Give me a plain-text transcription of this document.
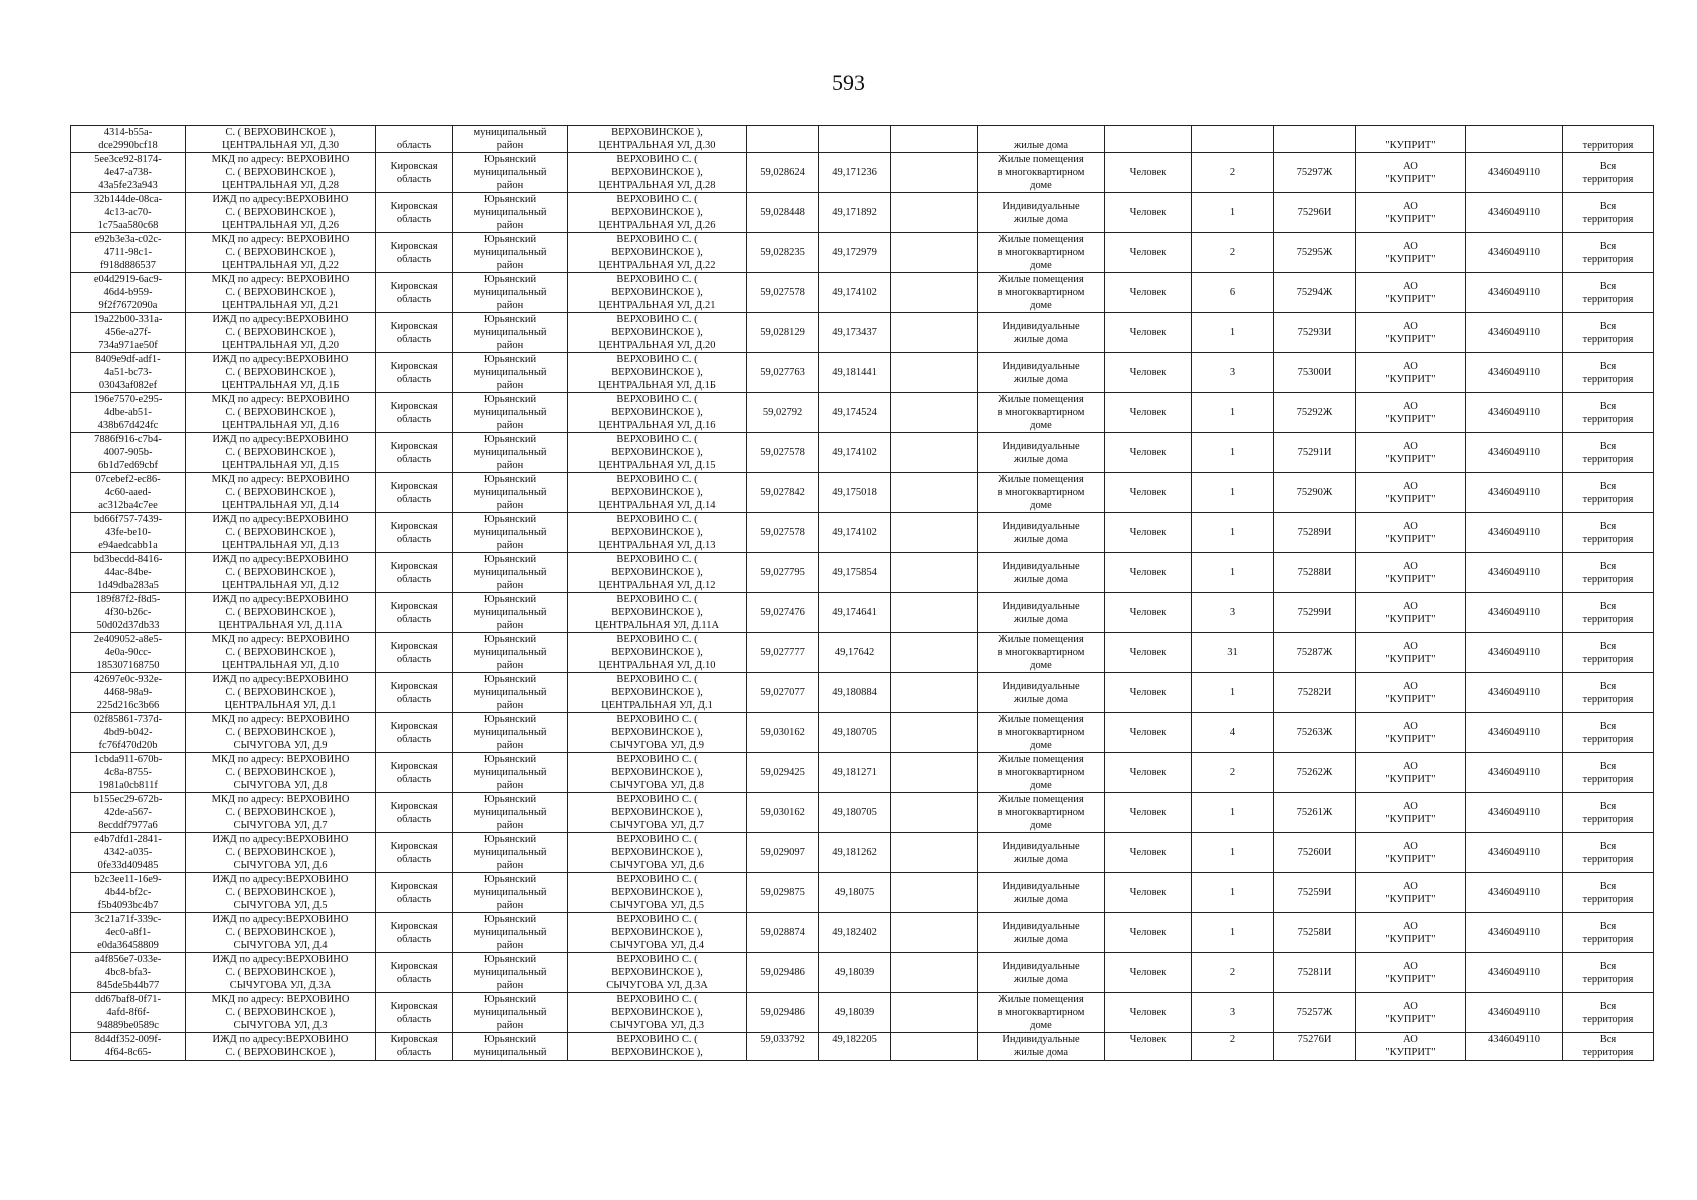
593
4314-b55a-
dce2990bcf18	С. ( ВЕРХОВИНСКОЕ ),
ЦЕНТРАЛЬНАЯ УЛ, Д.30	область	муниципальный
район	ВЕРХОВИНСКОЕ ),
ЦЕНТРАЛЬНАЯ УЛ, Д.30				жилые дома				"КУПРИТ"		территория
5ee3ce92-8174-
4e47-a738-
43a5fe23a943	МКД по адресу: ВЕРХОВИНО
С. ( ВЕРХОВИНСКОЕ ),
ЦЕНТРАЛЬНАЯ УЛ, Д.28	Кировская
область	Юрьянский
муниципальный
район	ВЕРХОВИНО С. (
ВЕРХОВИНСКОЕ ),
ЦЕНТРАЛЬНАЯ УЛ, Д.28	59,028624	49,171236		Жилые помещения
в многоквартирном
доме	Человек	2	75297Ж	АО
"КУПРИТ"	4346049110	Вся
территория
32b144de-08ca-
4c13-ac70-
1c75aa580c68	ИЖД по адресу:ВЕРХОВИНО
С. ( ВЕРХОВИНСКОЕ ),
ЦЕНТРАЛЬНАЯ УЛ, Д.26	Кировская
область	Юрьянский
муниципальный
район	ВЕРХОВИНО С. (
ВЕРХОВИНСКОЕ ),
ЦЕНТРАЛЬНАЯ УЛ, Д.26	59,028448	49,171892		Индивидуальные
жилые дома	Человек	1	75296И	АО
"КУПРИТ"	4346049110	Вся
территория
e92b3e3a-c02c-
4711-98c1-
f918d886537	МКД по адресу: ВЕРХОВИНО
С. ( ВЕРХОВИНСКОЕ ),
ЦЕНТРАЛЬНАЯ УЛ, Д.22	Кировская
область	Юрьянский
муниципальный
район	ВЕРХОВИНО С. (
ВЕРХОВИНСКОЕ ),
ЦЕНТРАЛЬНАЯ УЛ, Д.22	59,028235	49,172979		Жилые помещения
в многоквартирном
доме	Человек	2	75295Ж	АО
"КУПРИТ"	4346049110	Вся
территория
e04d2919-6ac9-
46d4-b959-
9f2f7672090a	МКД по адресу: ВЕРХОВИНО
С. ( ВЕРХОВИНСКОЕ ),
ЦЕНТРАЛЬНАЯ УЛ, Д.21	Кировская
область	Юрьянский
муниципальный
район	ВЕРХОВИНО С. (
ВЕРХОВИНСКОЕ ),
ЦЕНТРАЛЬНАЯ УЛ, Д.21	59,027578	49,174102		Жилые помещения
в многоквартирном
доме	Человек	6	75294Ж	АО
"КУПРИТ"	4346049110	Вся
территория
19a22b00-331a-
456e-a27f-
734a971ae50f	ИЖД по адресу:ВЕРХОВИНО
С. ( ВЕРХОВИНСКОЕ ),
ЦЕНТРАЛЬНАЯ УЛ, Д.20	Кировская
область	Юрьянский
муниципальный
район	ВЕРХОВИНО С. (
ВЕРХОВИНСКОЕ ),
ЦЕНТРАЛЬНАЯ УЛ, Д.20	59,028129	49,173437		Индивидуальные
жилые дома	Человек	1	75293И	АО
"КУПРИТ"	4346049110	Вся
территория
8409e9df-adf1-
4a51-bc73-
03043af082ef	ИЖД по адресу:ВЕРХОВИНО
С. ( ВЕРХОВИНСКОЕ ),
ЦЕНТРАЛЬНАЯ УЛ, Д.1Б	Кировская
область	Юрьянский
муниципальный
район	ВЕРХОВИНО С. (
ВЕРХОВИНСКОЕ ),
ЦЕНТРАЛЬНАЯ УЛ, Д.1Б	59,027763	49,181441		Индивидуальные
жилые дома	Человек	3	75300И	АО
"КУПРИТ"	4346049110	Вся
территория
196e7570-e295-
4dbe-ab51-
438b67d424fc	МКД по адресу: ВЕРХОВИНО
С. ( ВЕРХОВИНСКОЕ ),
ЦЕНТРАЛЬНАЯ УЛ, Д.16	Кировская
область	Юрьянский
муниципальный
район	ВЕРХОВИНО С. (
ВЕРХОВИНСКОЕ ),
ЦЕНТРАЛЬНАЯ УЛ, Д.16	59,02792	49,174524		Жилые помещения
в многоквартирном
доме	Человек	1	75292Ж	АО
"КУПРИТ"	4346049110	Вся
территория
7886f916-c7b4-
4007-905b-
6b1d7ed69cbf	ИЖД по адресу:ВЕРХОВИНО
С. ( ВЕРХОВИНСКОЕ ),
ЦЕНТРАЛЬНАЯ УЛ, Д.15	Кировская
область	Юрьянский
муниципальный
район	ВЕРХОВИНО С. (
ВЕРХОВИНСКОЕ ),
ЦЕНТРАЛЬНАЯ УЛ, Д.15	59,027578	49,174102		Индивидуальные
жилые дома	Человек	1	75291И	АО
"КУПРИТ"	4346049110	Вся
территория
07cebef2-ec86-
4c60-aaed-
ac312ba4c7ee	МКД по адресу: ВЕРХОВИНО
С. ( ВЕРХОВИНСКОЕ ),
ЦЕНТРАЛЬНАЯ УЛ, Д.14	Кировская
область	Юрьянский
муниципальный
район	ВЕРХОВИНО С. (
ВЕРХОВИНСКОЕ ),
ЦЕНТРАЛЬНАЯ УЛ, Д.14	59,027842	49,175018		Жилые помещения
в многоквартирном
доме	Человек	1	75290Ж	АО
"КУПРИТ"	4346049110	Вся
территория
bd66f757-7439-
43fe-be10-
e94aedcabb1a	ИЖД по адресу:ВЕРХОВИНО
С. ( ВЕРХОВИНСКОЕ ),
ЦЕНТРАЛЬНАЯ УЛ, Д.13	Кировская
область	Юрьянский
муниципальный
район	ВЕРХОВИНО С. (
ВЕРХОВИНСКОЕ ),
ЦЕНТРАЛЬНАЯ УЛ, Д.13	59,027578	49,174102		Индивидуальные
жилые дома	Человек	1	75289И	АО
"КУПРИТ"	4346049110	Вся
территория
bd3becdd-8416-
44ac-84be-
1d49dba283a5	ИЖД по адресу:ВЕРХОВИНО
С. ( ВЕРХОВИНСКОЕ ),
ЦЕНТРАЛЬНАЯ УЛ, Д.12	Кировская
область	Юрьянский
муниципальный
район	ВЕРХОВИНО С. (
ВЕРХОВИНСКОЕ ),
ЦЕНТРАЛЬНАЯ УЛ, Д.12	59,027795	49,175854		Индивидуальные
жилые дома	Человек	1	75288И	АО
"КУПРИТ"	4346049110	Вся
территория
189f87f2-f8d5-
4f30-b26c-
50d02d37db33	ИЖД по адресу:ВЕРХОВИНО
С. ( ВЕРХОВИНСКОЕ ),
ЦЕНТРАЛЬНАЯ УЛ, Д.11А	Кировская
область	Юрьянский
муниципальный
район	ВЕРХОВИНО С. (
ВЕРХОВИНСКОЕ ),
ЦЕНТРАЛЬНАЯ УЛ, Д.11А	59,027476	49,174641		Индивидуальные
жилые дома	Человек	3	75299И	АО
"КУПРИТ"	4346049110	Вся
территория
2e409052-a8e5-
4e0a-90cc-
185307168750	МКД по адресу: ВЕРХОВИНО
С. ( ВЕРХОВИНСКОЕ ),
ЦЕНТРАЛЬНАЯ УЛ, Д.10	Кировская
область	Юрьянский
муниципальный
район	ВЕРХОВИНО С. (
ВЕРХОВИНСКОЕ ),
ЦЕНТРАЛЬНАЯ УЛ, Д.10	59,027777	49,17642		Жилые помещения
в многоквартирном
доме	Человек	31	75287Ж	АО
"КУПРИТ"	4346049110	Вся
территория
42697e0c-932e-
4468-98a9-
225d216c3b66	ИЖД по адресу:ВЕРХОВИНО
С. ( ВЕРХОВИНСКОЕ ),
ЦЕНТРАЛЬНАЯ УЛ, Д.1	Кировская
область	Юрьянский
муниципальный
район	ВЕРХОВИНО С. (
ВЕРХОВИНСКОЕ ),
ЦЕНТРАЛЬНАЯ УЛ, Д.1	59,027077	49,180884		Индивидуальные
жилые дома	Человек	1	75282И	АО
"КУПРИТ"	4346049110	Вся
территория
02f85861-737d-
4bd9-b042-
fc76f470d20b	МКД по адресу: ВЕРХОВИНО
С. ( ВЕРХОВИНСКОЕ ),
СЫЧУГОВА УЛ, Д.9	Кировская
область	Юрьянский
муниципальный
район	ВЕРХОВИНО С. (
ВЕРХОВИНСКОЕ ),
СЫЧУГОВА УЛ, Д.9	59,030162	49,180705		Жилые помещения
в многоквартирном
доме	Человек	4	75263Ж	АО
"КУПРИТ"	4346049110	Вся
территория
1cbda911-670b-
4c8a-8755-
1981a0cb811f	МКД по адресу: ВЕРХОВИНО
С. ( ВЕРХОВИНСКОЕ ),
СЫЧУГОВА УЛ, Д.8	Кировская
область	Юрьянский
муниципальный
район	ВЕРХОВИНО С. (
ВЕРХОВИНСКОЕ ),
СЫЧУГОВА УЛ, Д.8	59,029425	49,181271		Жилые помещения
в многоквартирном
доме	Человек	2	75262Ж	АО
"КУПРИТ"	4346049110	Вся
территория
b155ec29-672b-
42de-a567-
8ecddf7977a6	МКД по адресу: ВЕРХОВИНО
С. ( ВЕРХОВИНСКОЕ ),
СЫЧУГОВА УЛ, Д.7	Кировская
область	Юрьянский
муниципальный
район	ВЕРХОВИНО С. (
ВЕРХОВИНСКОЕ ),
СЫЧУГОВА УЛ, Д.7	59,030162	49,180705		Жилые помещения
в многоквартирном
доме	Человек	1	75261Ж	АО
"КУПРИТ"	4346049110	Вся
территория
e4b7dfd1-2841-
4342-a035-
0fe33d409485	ИЖД по адресу:ВЕРХОВИНО
С. ( ВЕРХОВИНСКОЕ ),
СЫЧУГОВА УЛ, Д.6	Кировская
область	Юрьянский
муниципальный
район	ВЕРХОВИНО С. (
ВЕРХОВИНСКОЕ ),
СЫЧУГОВА УЛ, Д.6	59,029097	49,181262		Индивидуальные
жилые дома	Человек	1	75260И	АО
"КУПРИТ"	4346049110	Вся
территория
b2c3ee11-16e9-
4b44-bf2c-
f5b4093bc4b7	ИЖД по адресу:ВЕРХОВИНО
С. ( ВЕРХОВИНСКОЕ ),
СЫЧУГОВА УЛ, Д.5	Кировская
область	Юрьянский
муниципальный
район	ВЕРХОВИНО С. (
ВЕРХОВИНСКОЕ ),
СЫЧУГОВА УЛ, Д.5	59,029875	49,18075		Индивидуальные
жилые дома	Человек	1	75259И	АО
"КУПРИТ"	4346049110	Вся
территория
3c21a71f-339c-
4ec0-a8f1-
e0da36458809	ИЖД по адресу:ВЕРХОВИНО
С. ( ВЕРХОВИНСКОЕ ),
СЫЧУГОВА УЛ, Д.4	Кировская
область	Юрьянский
муниципальный
район	ВЕРХОВИНО С. (
ВЕРХОВИНСКОЕ ),
СЫЧУГОВА УЛ, Д.4	59,028874	49,182402		Индивидуальные
жилые дома	Человек	1	75258И	АО
"КУПРИТ"	4346049110	Вся
территория
a4f856e7-033e-
4bc8-bfa3-
845de5b44b77	ИЖД по адресу:ВЕРХОВИНО
С. ( ВЕРХОВИНСКОЕ ),
СЫЧУГОВА УЛ, Д.3А	Кировская
область	Юрьянский
муниципальный
район	ВЕРХОВИНО С. (
ВЕРХОВИНСКОЕ ),
СЫЧУГОВА УЛ, Д.3А	59,029486	49,18039		Индивидуальные
жилые дома	Человек	2	75281И	АО
"КУПРИТ"	4346049110	Вся
территория
dd67baf8-0f71-
4afd-8f6f-
94889be0589c	МКД по адресу: ВЕРХОВИНО
С. ( ВЕРХОВИНСКОЕ ),
СЫЧУГОВА УЛ, Д.3	Кировская
область	Юрьянский
муниципальный
район	ВЕРХОВИНО С. (
ВЕРХОВИНСКОЕ ),
СЫЧУГОВА УЛ, Д.3	59,029486	49,18039		Жилые помещения
в многоквартирном
доме	Человек	3	75257Ж	АО
"КУПРИТ"	4346049110	Вся
территория
8d4df352-009f-
4f64-8c65-	ИЖД по адресу:ВЕРХОВИНО
С. ( ВЕРХОВИНСКОЕ ),	Кировская
область	Юрьянский
муниципальный	ВЕРХОВИНО С. (
ВЕРХОВИНСКОЕ ),	59,033792	49,182205		Индивидуальные
жилые дома	Человек	2	75276И	АО
"КУПРИТ"	4346049110	Вся
территория
